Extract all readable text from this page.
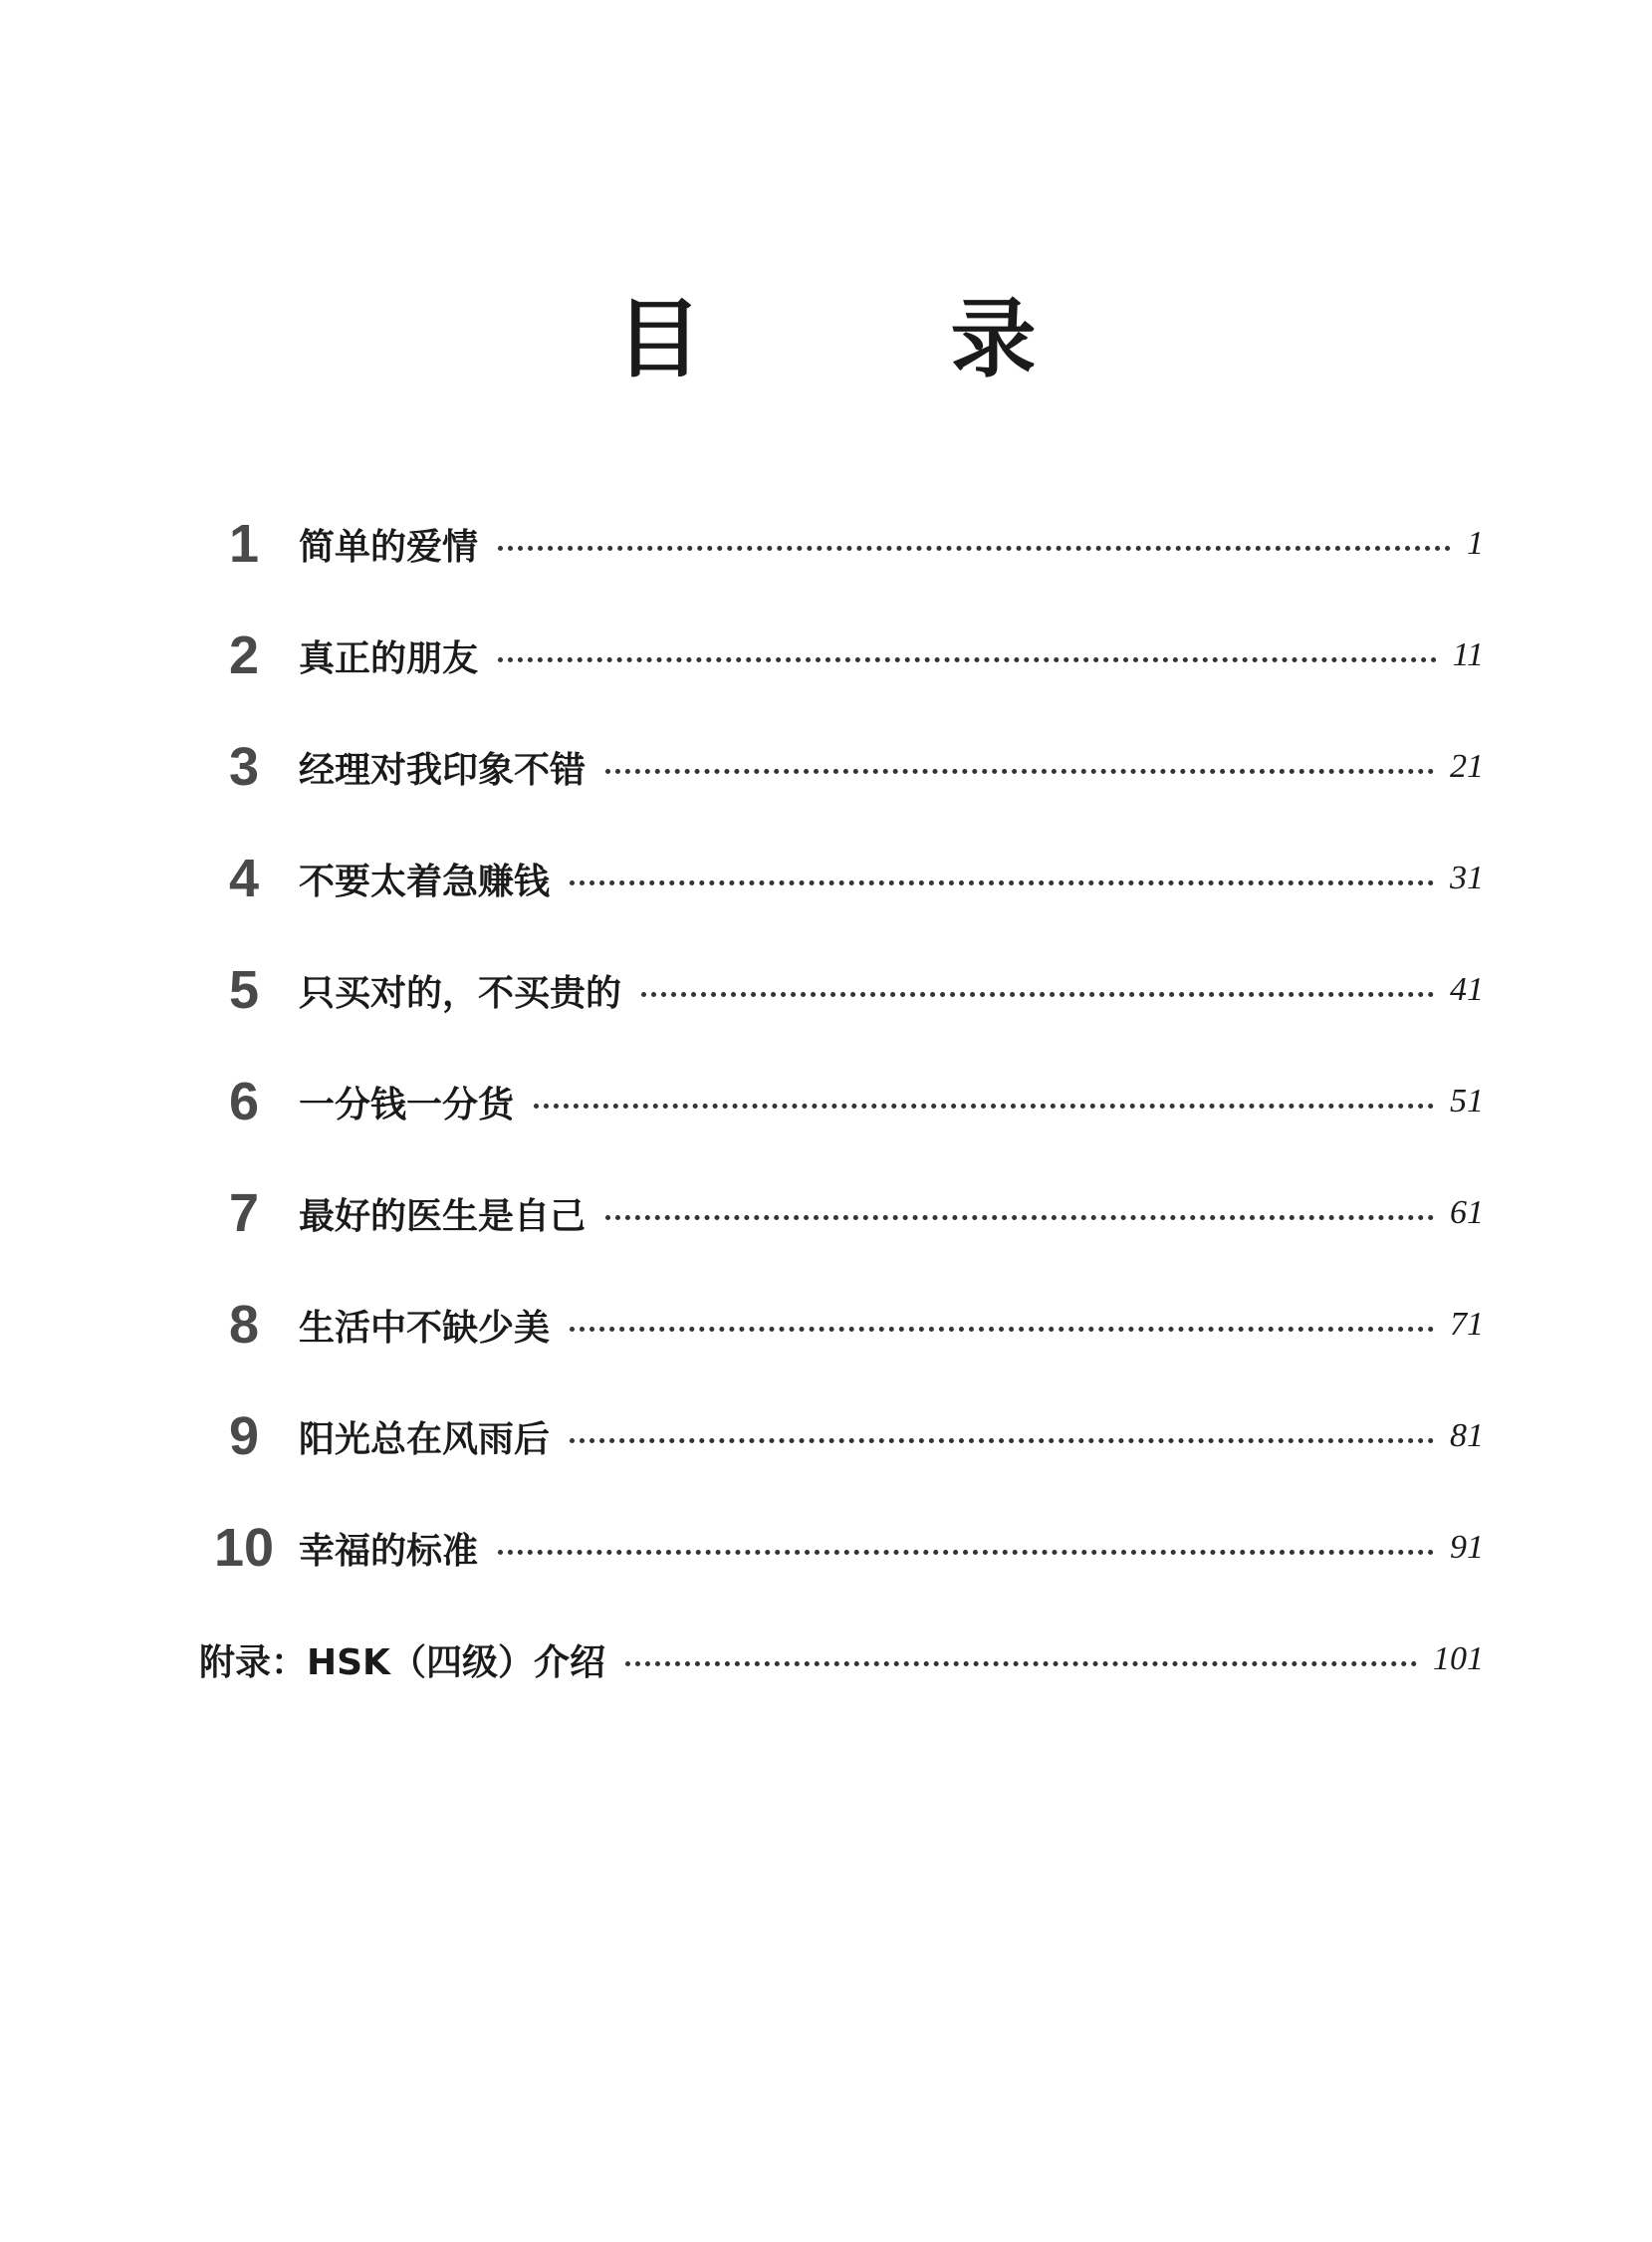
目 录
1	简单的爱情	1
2	真正的朋友	11
3	经理对我印象不错	21
4	不要太着急赚钱	31
5	只买对的，不买贵的	41
6	一分钱一分货	51
7	最好的医生是自己	61
8	生活中不缺少美	71
9	阳光总在风雨后	81
10 幸福的标准	91
附录：HSK（四级）介绍	101
